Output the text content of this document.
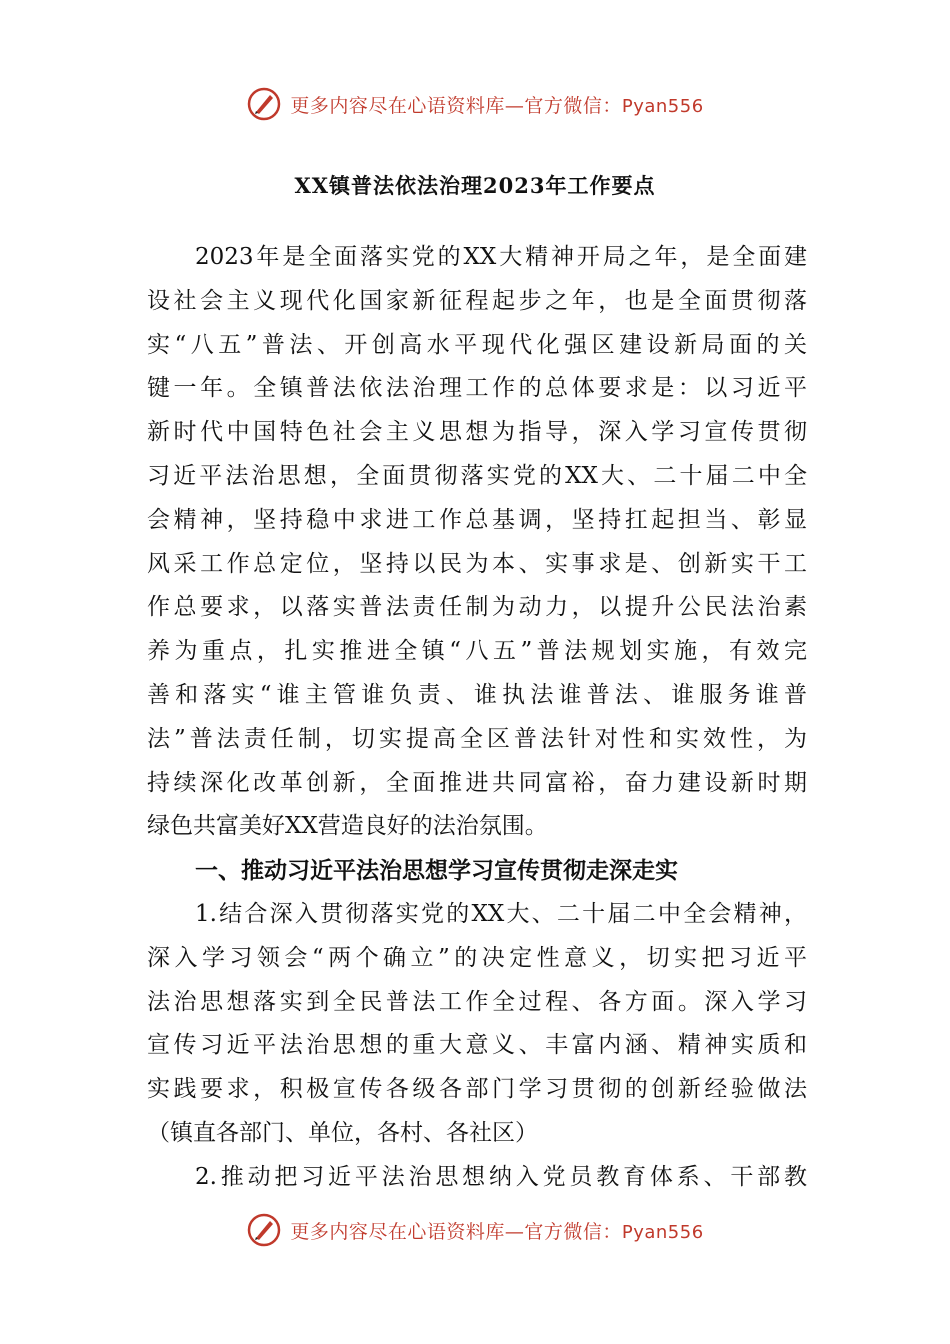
更多内容尽在心语资料库—官方微信：Pyan556
XX镇普法依法治理2023年工作要点
2023年是全面落实党的XX大精神开局之年，是全面建
设社会主义现代化国家新征程起步之年，也是全面贯彻落
实“八五”普法、开创高水平现代化强区建设新局面的关
键一年。全镇普法依法治理工作的总体要求是：以习近平
新时代中国特色社会主义思想为指导，深入学习宣传贯彻
习近平法治思想，全面贯彻落实党的XX大、二十届二中全
会精神，坚持稳中求进工作总基调，坚持扛起担当、彰显
风采工作总定位，坚持以民为本、实事求是、创新实干工
作总要求，以落实普法责任制为动力，以提升公民法治素
养为重点，扎实推进全镇“八五”普法规划实施，有效完
善和落实“谁主管谁负责、谁执法谁普法、谁服务谁普
法”普法责任制，切实提高全区普法针对性和实效性，为
持续深化改革创新，全面推进共同富裕，奋力建设新时期
绿色共富美好XX营造良好的法治氛围。
一、推动习近平法治思想学习宣传贯彻走深走实
1.结合深入贯彻落实党的XX大、二十届二中全会精神，
深入学习领会“两个确立”的决定性意义，切实把习近平
法治思想落实到全民普法工作全过程、各方面。深入学习
宣传习近平法治思想的重大意义、丰富内涵、精神实质和
实践要求，积极宣传各级各部门学习贯彻的创新经验做法
（镇直各部门、单位，各村、各社区）
2.推动把习近平法治思想纳入党员教育体系、干部教
更多内容尽在心语资料库—官方微信：Pyan556
